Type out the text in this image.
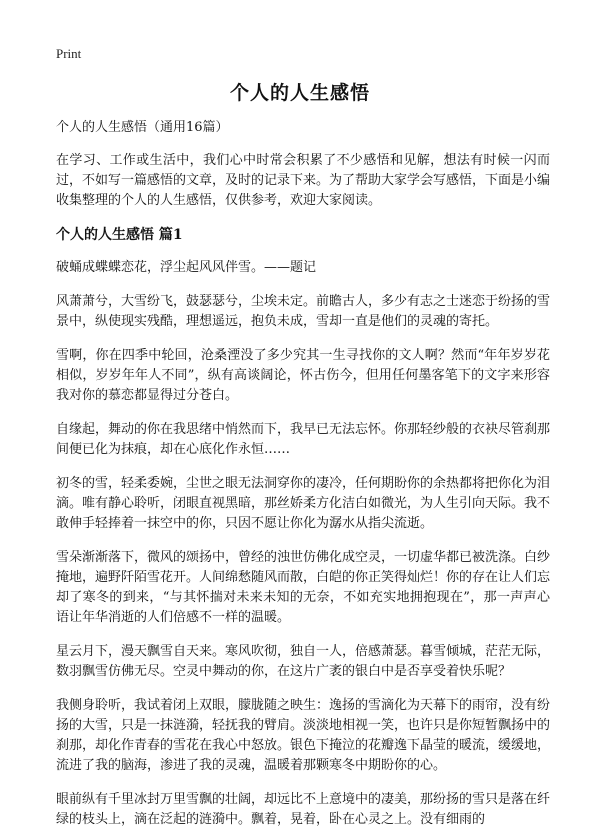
Print
个人的人生感悟

个人的人生感悟（通用16篇）

在学习、工作或生活中，我们心中时常会积累了不少感悟和见解，想法有时候一闪而过，不如写一篇感悟的文章，及时的记录下来。为了帮助大家学会写感悟，下面是小编收集整理的个人的人生感悟，仅供参考，欢迎大家阅读。

个人的人生感悟 篇1

破蛹成蝶蝶恋花，浮尘起风风伴雪。——题记

风萧萧兮，大雪纷飞，鼓瑟瑟兮，尘埃未定。前瞻古人，多少有志之士迷恋于纷扬的雪景中，纵使现实残酷，理想遥远，抱负未成，雪却一直是他们的灵魂的寄托。

雪啊，你在四季中轮回，沧桑湮没了多少究其一生寻找你的文人啊？然而“年年岁岁花相似，岁岁年年人不同”，纵有高谈阔论，怀古伤今，但用任何墨客笔下的文字来形容我对你的慕恋都显得过分苍白。

自缘起，舞动的你在我思绪中悄然而下，我早已无法忘怀。你那轻纱般的衣袂尽管刹那间便已化为抹痕，却在心底化作永恒……

初冬的雪，轻柔委婉，尘世之眼无法洞穿你的凄冷，任何期盼你的余热都将把你化为泪滴。唯有静心聆听，闭眼直视黑暗，那丝娇柔方化洁白如微光，为人生引向天际。我不敢伸手轻捧着一抹空中的你，只因不愿让你化为潺水从指尖流逝。

雪朵渐渐落下，微风的颂扬中，曾经的浊世仿佛化成空灵，一切虚华都已被洗涤。白纱掩地，遍野阡陌雪花开。人间绵愁随风而散，白皑的你正笑得灿烂！你的存在让人们忘却了寒冬的到来，“与其怀揣对未来未知的无奈，不如充实地拥抱现在”，那一声声心语让年华消逝的人们倍感不一样的温暖。

星云月下，漫天飘雪自天来。寒风吹彻，独自一人，倍感萧瑟。暮雪倾城，茫茫无际，数羽飘雪仿佛无尽。空灵中舞动的你，在这片广袤的银白中是否享受着快乐呢？

我侧身聆听，我试着闭上双眼，朦胧随之映生：逸扬的雪滴化为天幕下的雨帘，没有纷扬的大雪，只是一抹涟漪，轻抚我的臂肩。淡淡地相视一笑，也许只是你短暂飘扬中的刹那，却化作青春的雪花在我心中怒放。银色下掩泣的花瓣逸下晶莹的暖流，缓缓地，流进了我的脑海，渗进了我的灵魂，温暖着那颗寒冬中期盼你的心。

眼前纵有千里冰封万里雪飘的壮阔，却远比不上意境中的凄美，那纷扬的雪只是落在纤绿的枝头上，滴在泛起的涟漪中。飘着，晃着，卧在心灵之上。没有细雨的
